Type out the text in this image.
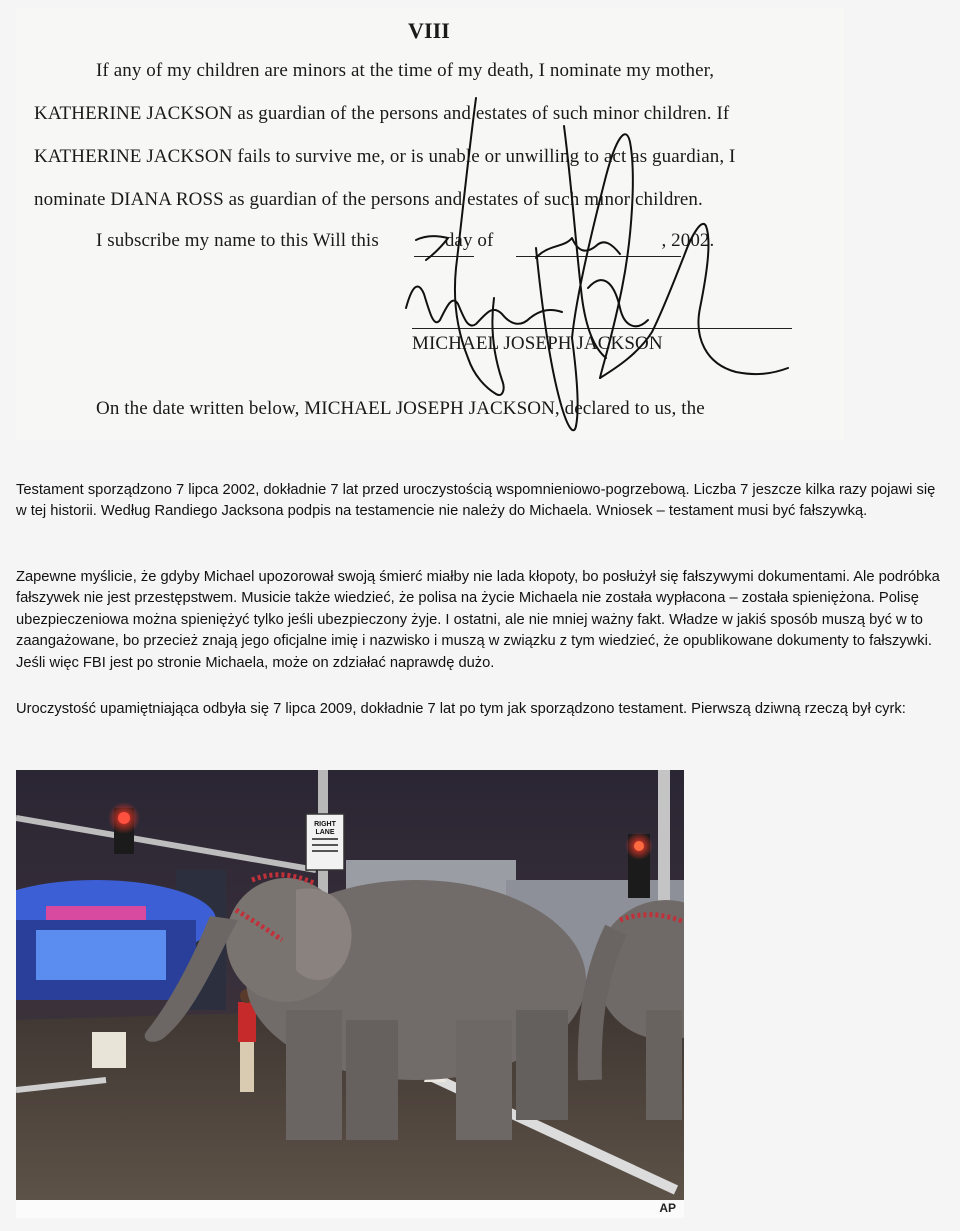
VIII
If any of my children are minors at the time of my death, I nominate my mother,
KATHERINE JACKSON as guardian of the persons and estates of such minor children. If
KATHERINE JACKSON fails to survive me, or is unable or unwilling to act as guardian, I
nominate DIANA ROSS as guardian of the persons and estates of such minor children.
I subscribe my name to this Will this	day of	, 2002.
MICHAEL JOSEPH JACKSON
On the date written below, MICHAEL JOSEPH JACKSON, declared to us, the

Testament sporządzono 7 lipca 2002, dokładnie 7 lat przed uroczystością wspomnieniowo-pogrzebową. Liczba 7 jeszcze kilka razy pojawi się w tej historii. Według Randiego Jacksona podpis na testamencie nie należy do Michaela. Wniosek – testament musi być fałszywką.

Zapewne myślicie, że gdyby Michael upozorował swoją śmierć miałby nie lada kłopoty, bo posłużył się fałszywymi dokumentami. Ale podróbka fałszywek nie jest przestępstwem. Musicie także wiedzieć, że polisa na życie Michaela nie została wypłacona – została spieniężona. Polisę ubezpieczeniowa można spieniężyć tylko jeśli ubezpieczony żyje. I ostatni, ale nie mniej ważny fakt. Władze w jakiś sposób muszą być w to zaangażowane, bo przecież znają jego oficjalne imię i nazwisko i muszą w związku z tym wiedzieć, że opublikowane dokumenty to fałszywki. Jeśli więc FBI jest po stronie Michaela, może on zdziałać naprawdę dużo.

Uroczystość upamiętniająca odbyła się 7 lipca 2009, dokładnie 7 lat po tym jak sporządzono testament. Pierwszą dziwną rzeczą był cyrk:

RIGHT
LANE
AP
